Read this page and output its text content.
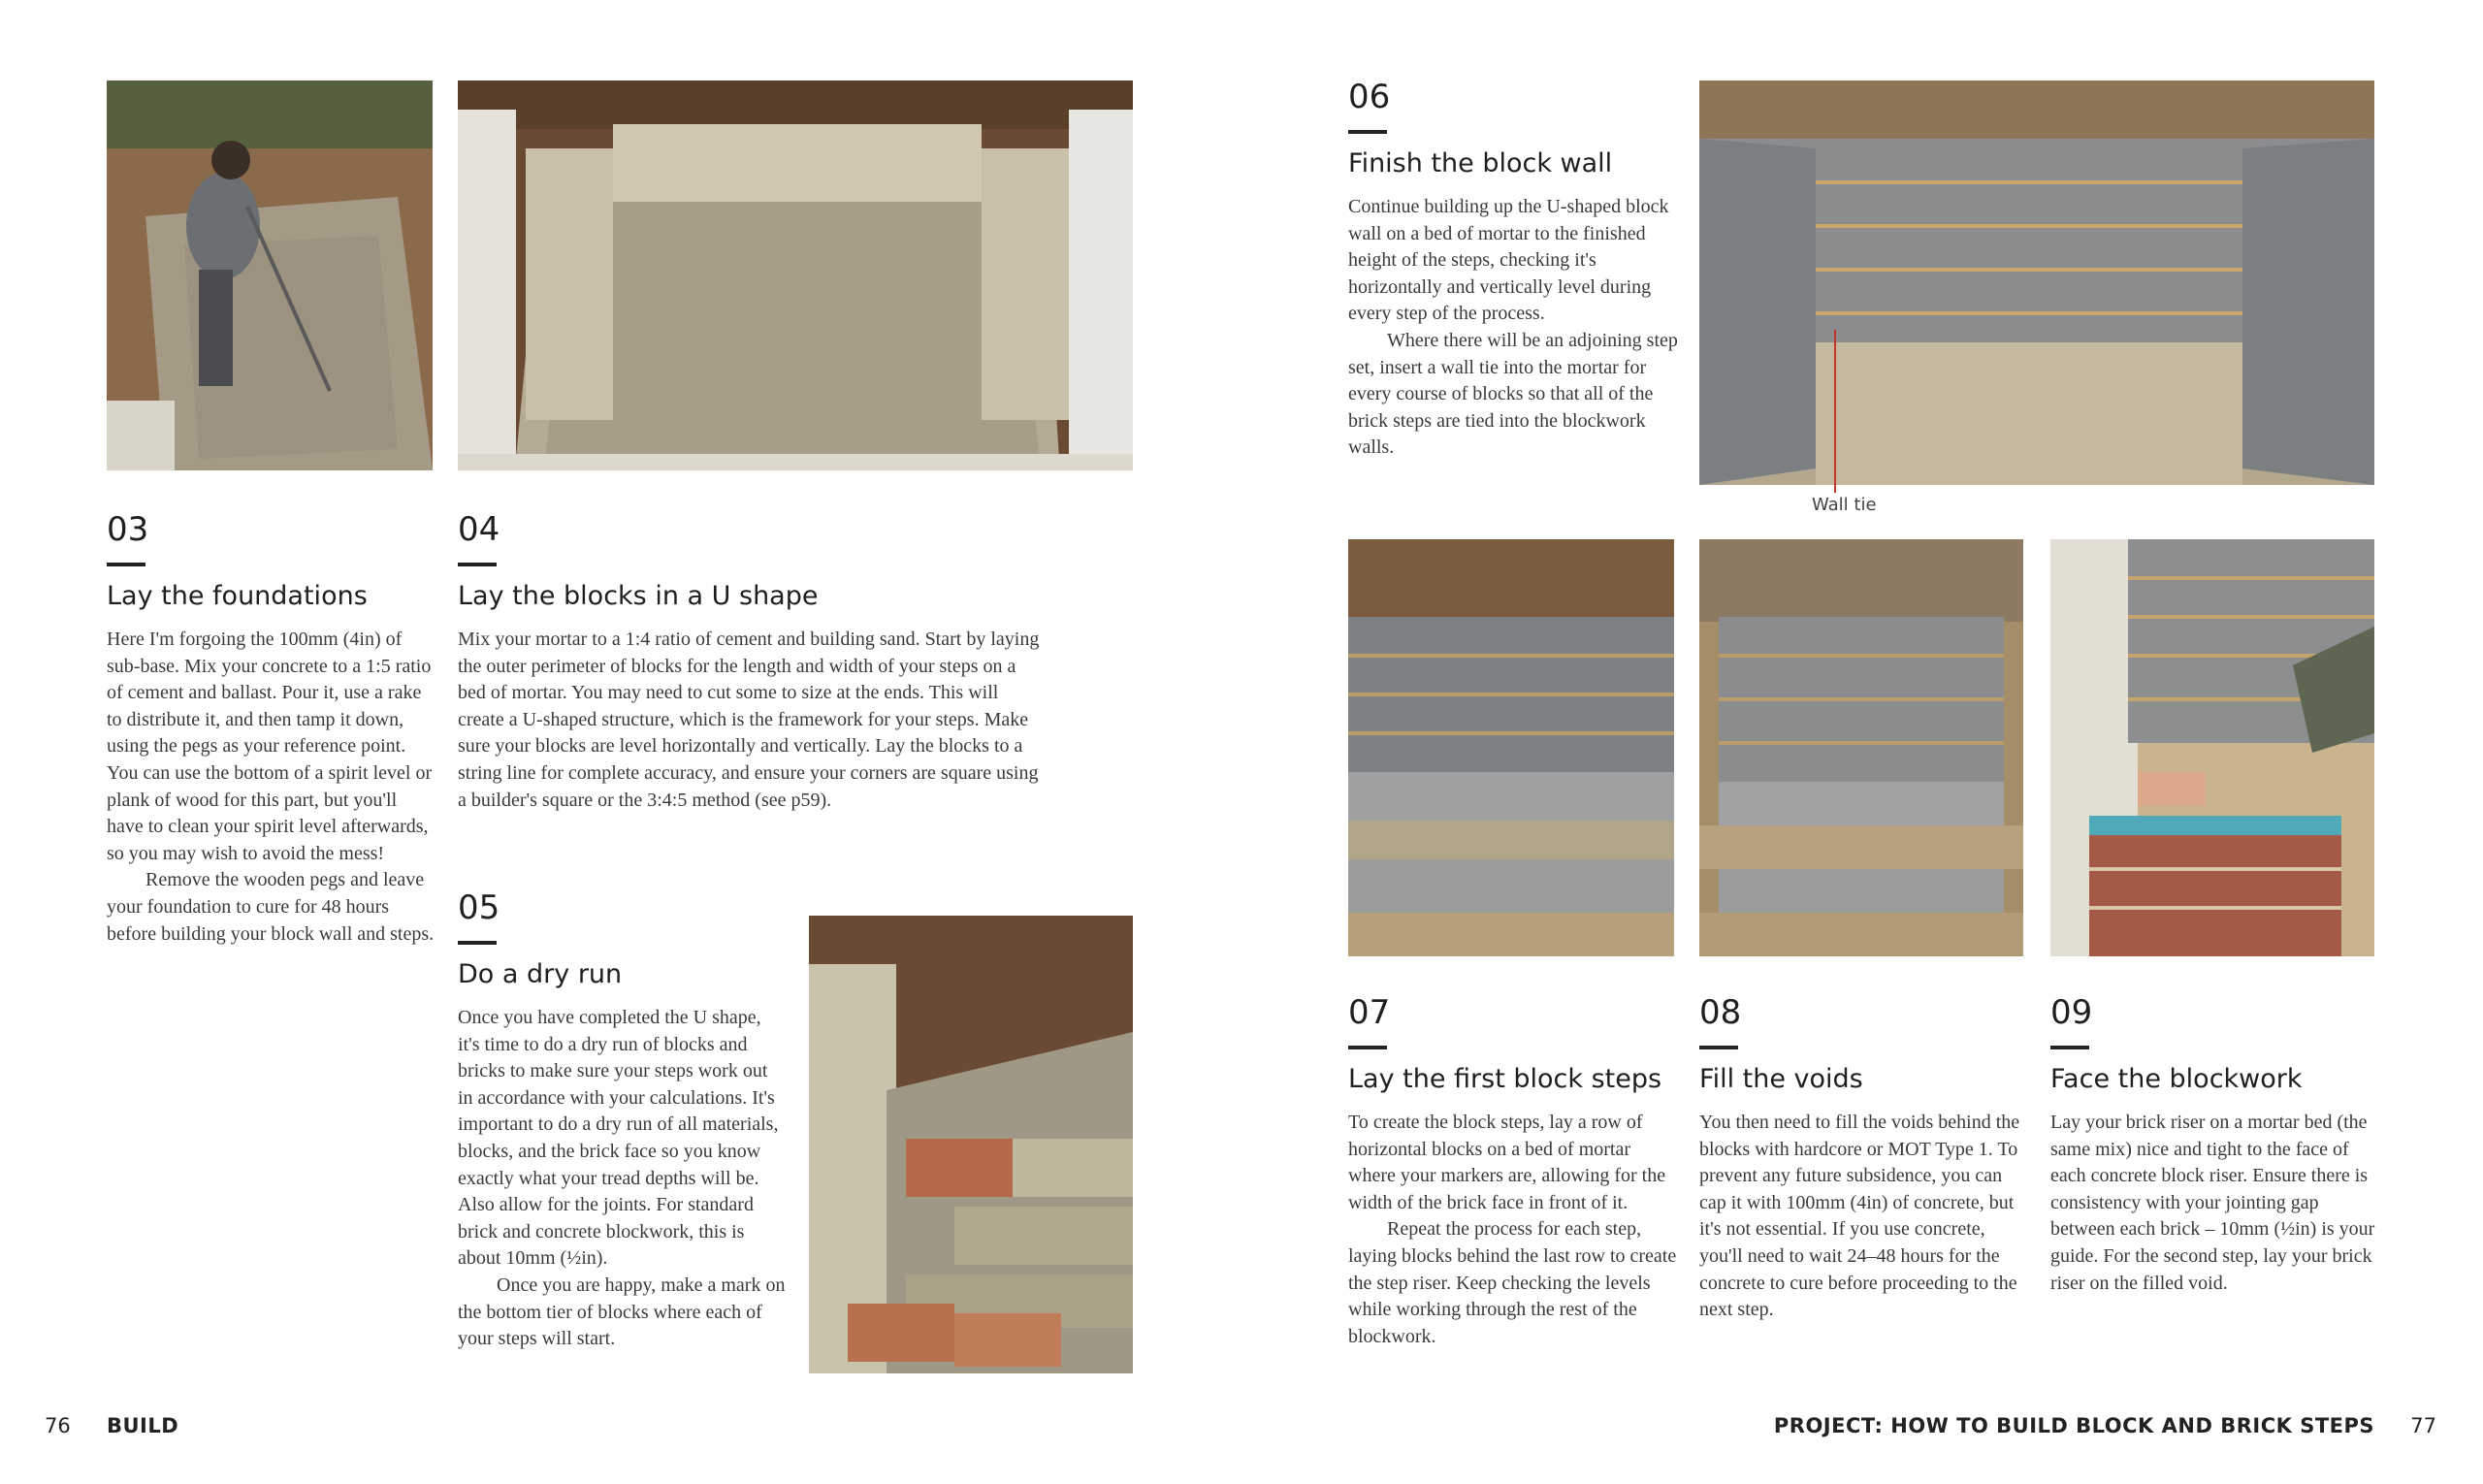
03
Lay the foundations

Here I'm forgoing the 100mm (4in) of sub-base. Mix your concrete to a 1:5 ratio of cement and ballast. Pour it, use a rake to distribute it, and then tamp it down, using the pegs as your reference point. You can use the bottom of a spirit level or plank of wood for this part, but you'll have to clean your spirit level afterwards, so you may wish to avoid the mess!

Remove the wooden pegs and leave your foundation to cure for 48 hours before building your block wall and steps.

04
Lay the blocks in a U shape

Mix your mortar to a 1:4 ratio of cement and building sand. Start by laying the outer perimeter of blocks for the length and width of your steps on a bed of mortar. You may need to cut some to size at the ends. This will create a U-shaped structure, which is the framework for your steps. Make sure your blocks are level horizontally and vertically. Lay the blocks to a string line for complete accuracy, and ensure your corners are square using a builder's square or the 3:4:5 method (see p59).

05
Do a dry run

Once you have completed the U shape, it's time to do a dry run of blocks and bricks to make sure your steps work out in accordance with your calculations. It's important to do a dry run of all materials, blocks, and the brick face so you know exactly what your tread depths will be. Also allow for the joints. For standard brick and concrete blockwork, this is about 10mm (½in).

Once you are happy, make a mark on the bottom tier of blocks where each of your steps will start.

06
Finish the block wall

Continue building up the U-shaped block wall on a bed of mortar to the finished height of the steps, checking it's horizontally and vertically level during every step of the process.

Where there will be an adjoining step set, insert a wall tie into the mortar for every course of blocks so that all of the brick steps are tied into the blockwork walls.

07
Lay the first block steps

To create the block steps, lay a row of horizontal blocks on a bed of mortar where your markers are, allowing for the width of the brick face in front of it.

Repeat the process for each step, laying blocks behind the last row to create the step riser. Keep checking the levels while working through the rest of the blockwork.

08
Fill the voids

You then need to fill the voids behind the blocks with hardcore or MOT Type 1. To prevent any future subsidence, you can cap it with 100mm (4in) of concrete, but it's not essential. If you use concrete, you'll need to wait 24–48 hours for the concrete to cure before proceeding to the next step.

09
Face the blockwork

Lay your brick riser on a mortar bed (the same mix) nice and tight to the face of each concrete block riser. Ensure there is consistency with your jointing gap between each brick – 10mm (½in) is your guide. For the second step, lay your brick riser on the filled void.

Wall tie
76 BUILD	PROJECT: HOW TO BUILD BLOCK AND BRICK STEPS 77
